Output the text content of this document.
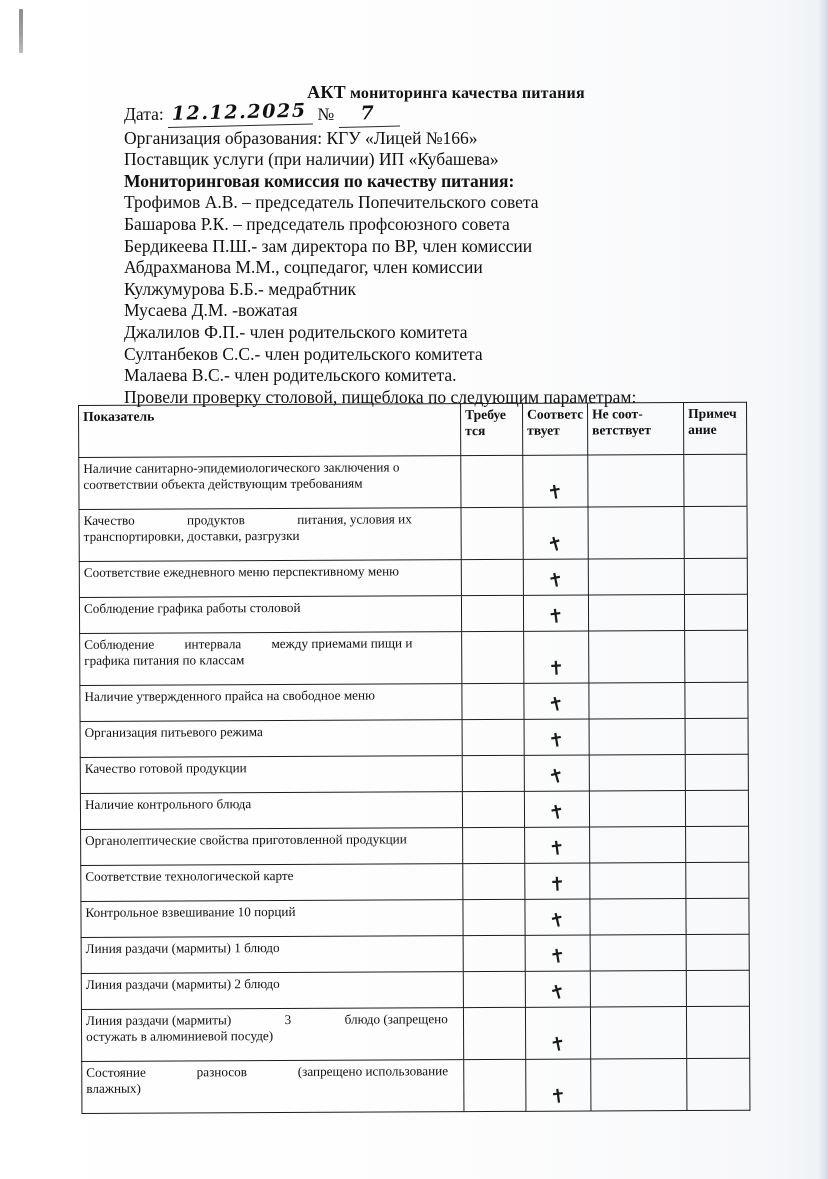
АКТ мониторинга качества питания
Дата: 12.12.2025 № 7
Организация образования: КГУ «Лицей №166»
Поставщик услуги (при наличии) ИП «Кубашева»
Мониторинговая комиссия по качеству питания:
Трофимов А.В. – председатель Попечительского совета
Башарова Р.К. – председатель профсоюзного совета
Бердикеева П.Ш.- зам директора по ВР, член комиссии
Абдрахманова М.М., соцпедагог, член комиссии
Кулжумурова Б.Б.- медрабтник
Мусаева Д.М. -вожатая
Джалилов Ф.П.- член родительского комитета
Султанбеков С.С.- член родительского комитета
Малаева В.С.- член родительского комитета.
Провели проверку столовой, пищеблока по следующим параметрам:
Показатель	Требуе тся	Соответс твует	Не соот- ветствует	Примеч ание

Наличие санитарно-эпидемиологического заключения о
соответствии объекта действующим требованиям		✝		

Качество продуктов питания, условия их
транспортировки, доставки, разгрузки		✝		

Соответствие ежедневного меню перспективному меню		✝		

Соблюдение графика работы столовой		✝		

Соблюдение интервала между приемами пищи и
графика питания по классам		✝		

Наличие утвержденного прайса на свободное меню		✝		

Организация питьевого режима		✝		

Качество готовой продукции		✝		

Наличие контрольного блюда		✝		

Органолептические свойства приготовленной продукции		✝		

Соответствие технологической карте		✝		

Контрольное взвешивание 10 порций		✝		

Линия раздачи (мармиты) 1 блюдо		✝		

Линия раздачи (мармиты) 2 блюдо		✝		

Линия раздачи (мармиты) 3 блюдо (запрещено
остужать в алюминиевой посуде)		✝		

Состояние разносов (запрещено использование
влажных)		✝		
